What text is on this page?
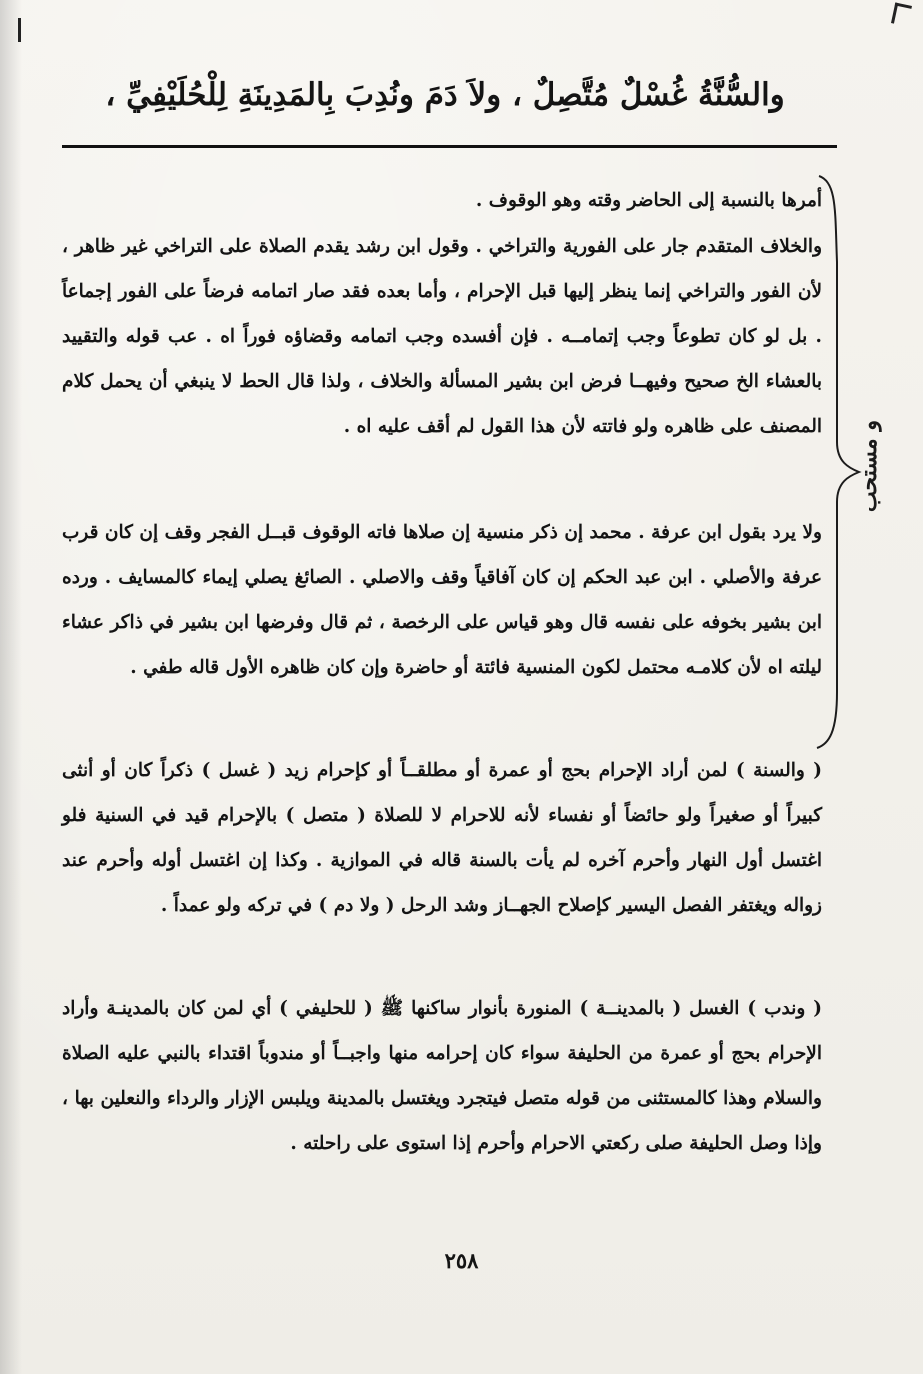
والسُّنَّةُ غُسْلٌ مُتَّصِلٌ ، ولاَ دَمَ ونُدِبَ بِالمَدِينَةِ لِلْحُلَيْفِيِّ ،
أمرها بالنسبة إلى الحاضر وقته وهو الوقوف .
والخلاف المتقدم جار على الفورية والتراخي . وقول ابن رشد يقدم الصلاة على التراخي غير ظاهر ، لأن الفور والتراخي إنما ينظر إليها قبل الإحرام ، وأما بعده فقد صار اتمامه فرضاً على الفور إجماعاً . بل لو كان تطوعاً وجب إتمامــه . فإن أفسده وجب اتمامه وقضاؤه فوراً اه . عب قوله والتقييد بالعشاء الخ صحيح وفيهــا فرض ابن بشير المسألة والخلاف ، ولذا قال الحط لا ينبغي أن يحمل كلام المصنف على ظاهره ولو فاتته لأن هذا القول لم أقف عليه اه .
ولا يرد بقول ابن عرفة . محمد إن ذكر منسية إن صلاها فاته الوقوف قبــل الفجر وقف إن كان قرب عرفة والأصلي . ابن عبد الحكم إن كان آفاقياً وقف والاصلي . الصائغ يصلي إيماء كالمسايف . ورده ابن بشير بخوفه على نفسه قال وهو قياس على الرخصة ، ثم قال وفرضها ابن بشير في ذاكر عشاء ليلته اه لأن كلامـه محتمل لكون المنسية فائتة أو حاضرة وإن كان ظاهره الأول قاله طفي .
( والسنة ) لمن أراد الإحرام بحج أو عمرة أو مطلقــاً أو كإحرام زيد ( غسل ) ذكراً كان أو أنثى كبيراً أو صغيراً ولو حائضاً أو نفساء لأنه للاحرام لا للصلاة ( متصل ) بالإحرام قيد في السنية فلو اغتسل أول النهار وأحرم آخره لم يأت بالسنة قاله في الموازية . وكذا إن اغتسل أوله وأحرم عند زواله ويغتفر الفصل اليسير كإصلاح الجهــاز وشد الرحل ( ولا دم ) في تركه ولو عمداً .
( وندب ) الغسل ( بالمدينــة ) المنورة بأنوار ساكنها ﷺ ( للحليفي ) أي لمن كان بالمدينـة وأراد الإحرام بحج أو عمرة من الحليفة سواء كان إحرامه منها واجبــاً أو مندوباً اقتداء بالنبي عليه الصلاة والسلام وهذا كالمستثنى من قوله متصل فيتجرد ويغتسل بالمدينة ويلبس الإزار والرداء والنعلين بها ، وإذا وصل الحليفة صلى ركعتي الاحرام وأحرم إذا استوى على راحلته .
و مستحب
٢٥٨
